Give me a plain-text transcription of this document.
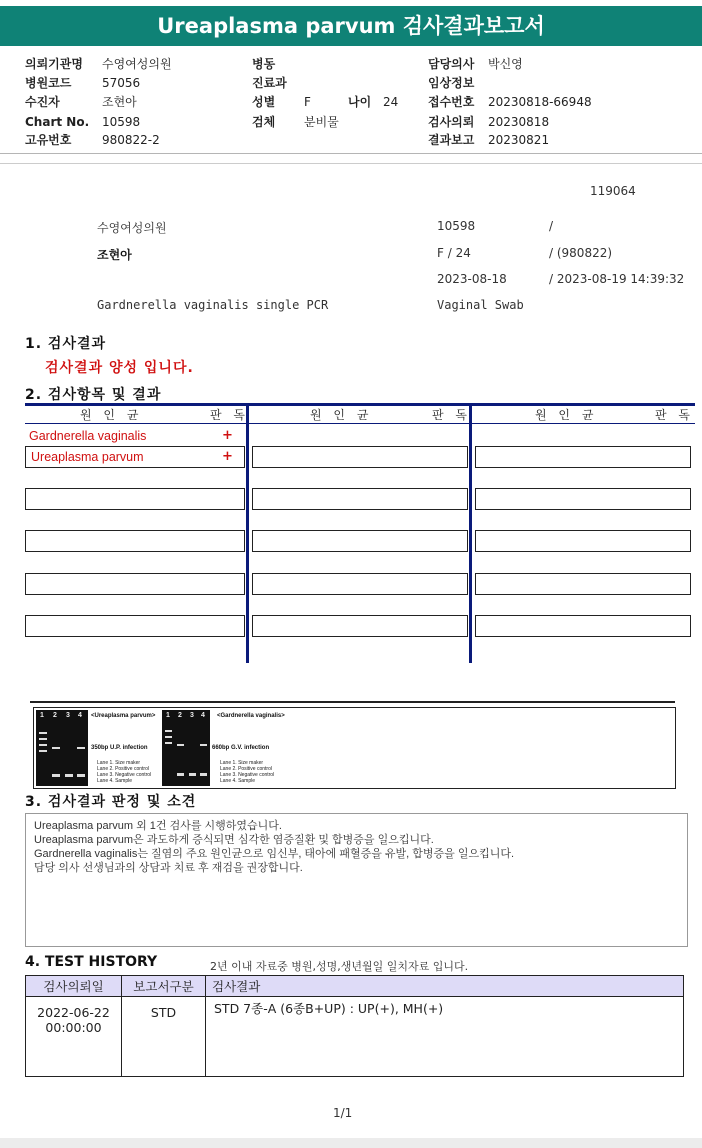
Ureaplasma parvum 검사결과보고서
의뢰기관명 수영여성의원
병원코드	57056
수진자	조현아
Chart No. 10598
고유번호	980822-2
병동
진료과
성별 F	나이 24
검체 분비물
담당의사 박신영
임상정보
접수번호 20230818-66948
검사의뢰 20230818
결과보고 20230821
119064
수영여성의원	10598	/
조현아	F / 24	/ (980822)
2023-08-18	/ 2023-08-19 14:39:32
Gardnerella vaginalis single PCR	Vaginal Swab
1. 검사결과
검사결과 양성 입니다.
2. 검사항목 및 결과
원 인 균	판 독	원 인 균	판 독	원 인 균	판 독
Gardnerella vaginalis	+
Ureaplasma parvum	+
1 2 3 4 <Ureaplasma parvum>
350bp U.P. infection
Lane 1. Size maker
Lane 2. Positive control
Lane 3. Negative control
Lane 4. Sample
1 2 3 4 <Gardnerella vaginalis>
660bp G.V. infection
Lane 1. Size maker
Lane 2. Positive control
Lane 3. Negative control
Lane 4. Sample
3. 검사결과 판정 및 소견
Ureaplasma parvum 외 1건 검사를 시행하였습니다.
Ureaplasma parvum은 과도하게 증식되면 심각한 염증질환 및 합병증을 일으킵니다.
Gardnerella vaginalis는 질염의 주요 원인균으로 임신부, 태아에 패혈증을 유발, 합병증을 일으킵니다.
담당 의사 선생님과의 상담과 치료 후 재검을 권장합니다.
4. TEST HISTORY	2년 이내 자료중 병원,성명,생년월일 일치자료 입니다.
검사의뢰일	보고서구분	검사결과

2022-06-22
00:00:00	STD	STD 7종-A (6종B+UP) : UP(+), MH(+)
1/1
